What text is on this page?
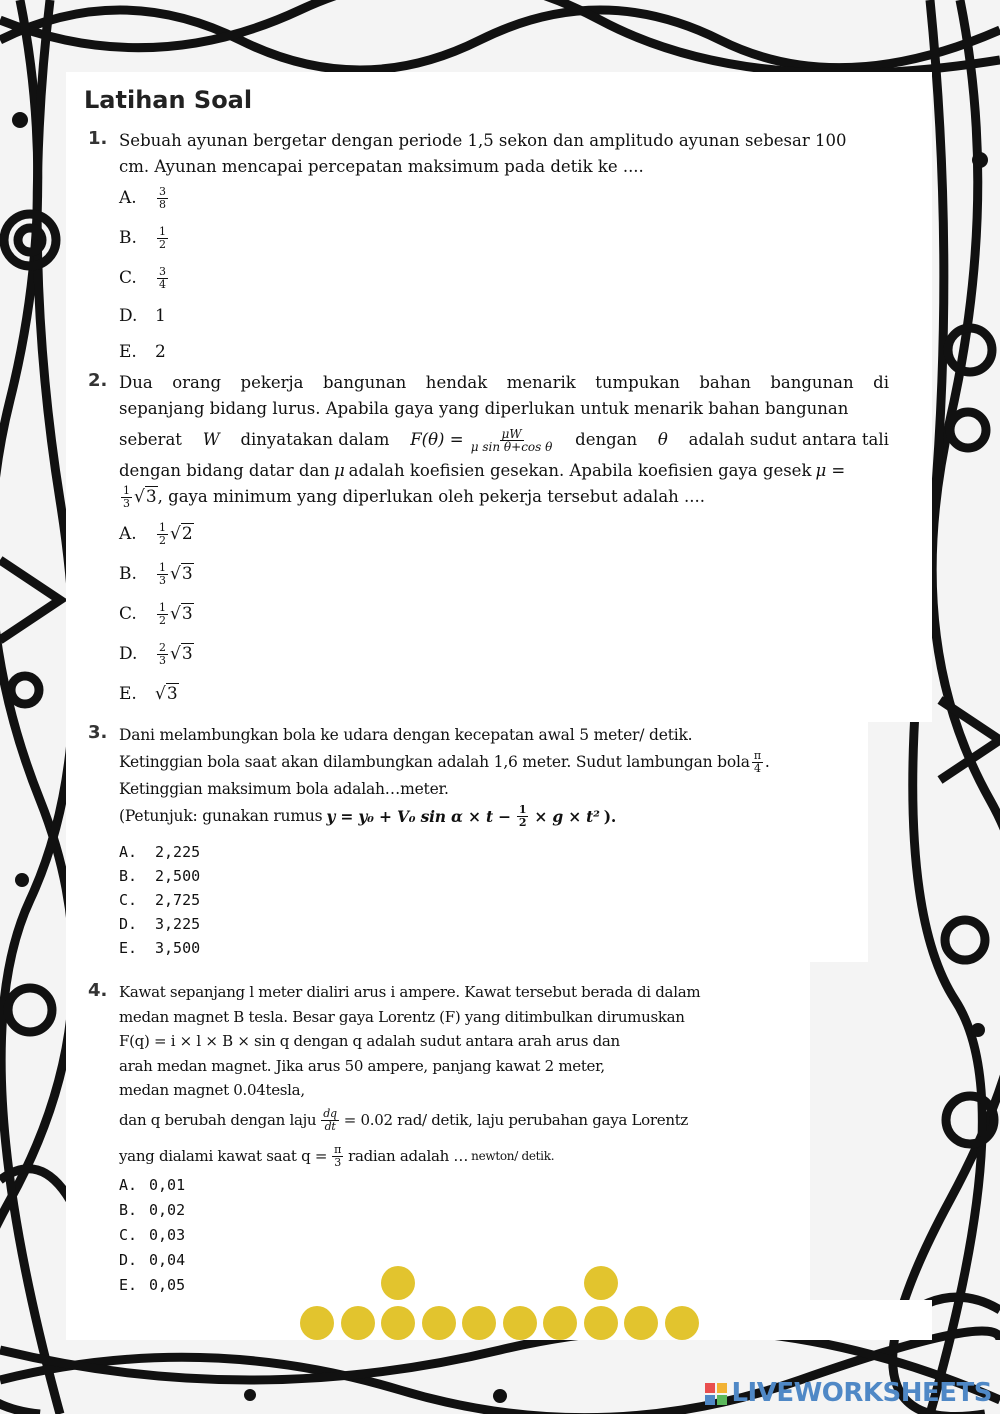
Latihan Soal
1. Sebuah ayunan bergetar dengan periode 1,5 sekon dan amplitudo ayunan sebesar 100
cm. Ayunan mencapai percepatan maksimum pada detik ke ....
A.	$\frac{3}{8}$
B.	$\frac{1}{2}$
C.	$\frac{3}{4}$
D.	1
E.	2
2. Dua orang pekerja bangunan hendak menarik tumpukan bahan bangunan di
sepanjang bidang lurus. Apabila gaya yang diperlukan untuk menarik bahan bangunan
seberat W dinyatakan dalam $F(\theta) = \frac{\mu W}{\text{μ sin θ+cos θ}}$ dengan θ adalah sudut antara tali
dengan bidang datar dan μ adalah koefisien gesekan. Apabila koefisien gaya gesek μ =
$\frac{1}{3} √3$ , gaya minimum yang diperlukan oleh pekerja tersebut adalah ....
A.	$\frac{1}{2} √2$
B.	$\frac{1}{3} √3$
C.	$\frac{1}{2} √3$
D.	$\frac{2}{3} √3$
E.	√3
3. Dani melambungkan bola ke udara dengan kecepatan awal 5 meter/ detik.
Ketinggian bola saat akan dilambungkan adalah 1,6 meter. Sudut lambungan bola $\frac{\pi}{4}$ .
Ketinggian maksimum bola adalah…meter.
(Petunjuk: gunakan rumus y = y₀ + V₀ $\sin \alpha \times t - \frac{1}{2} \times g \times t^2$ ).
A.	2,225
B.	2,500
C.	2,725
D.	3,225
E.	3,500
4. Kawat sepanjang l meter dialiri arus i ampere. Kawat tersebut berada di dalam
medan magnet B tesla. Besar gaya Lorentz (F) yang ditimbulkan dirumuskan
F(q) = i × l × B × sin q dengan q adalah sudut antara arah arus dan
arah medan magnet. Jika arus 50 ampere, panjang kawat 2 meter,
medan magnet 0.04tesla,
dan q berubah dengan laju $\frac{dq}{dt} = 0.02$ rad/ detik, laju perubahan gaya Lorentz
yang dialami kawat saat $q = \frac{\pi}{3}$ radian adalah … newton/ detik.
A. 0,01
B. 0,02
C. 0,03
D. 0,04
E. 0,05
LIVEWORKSHEETS
